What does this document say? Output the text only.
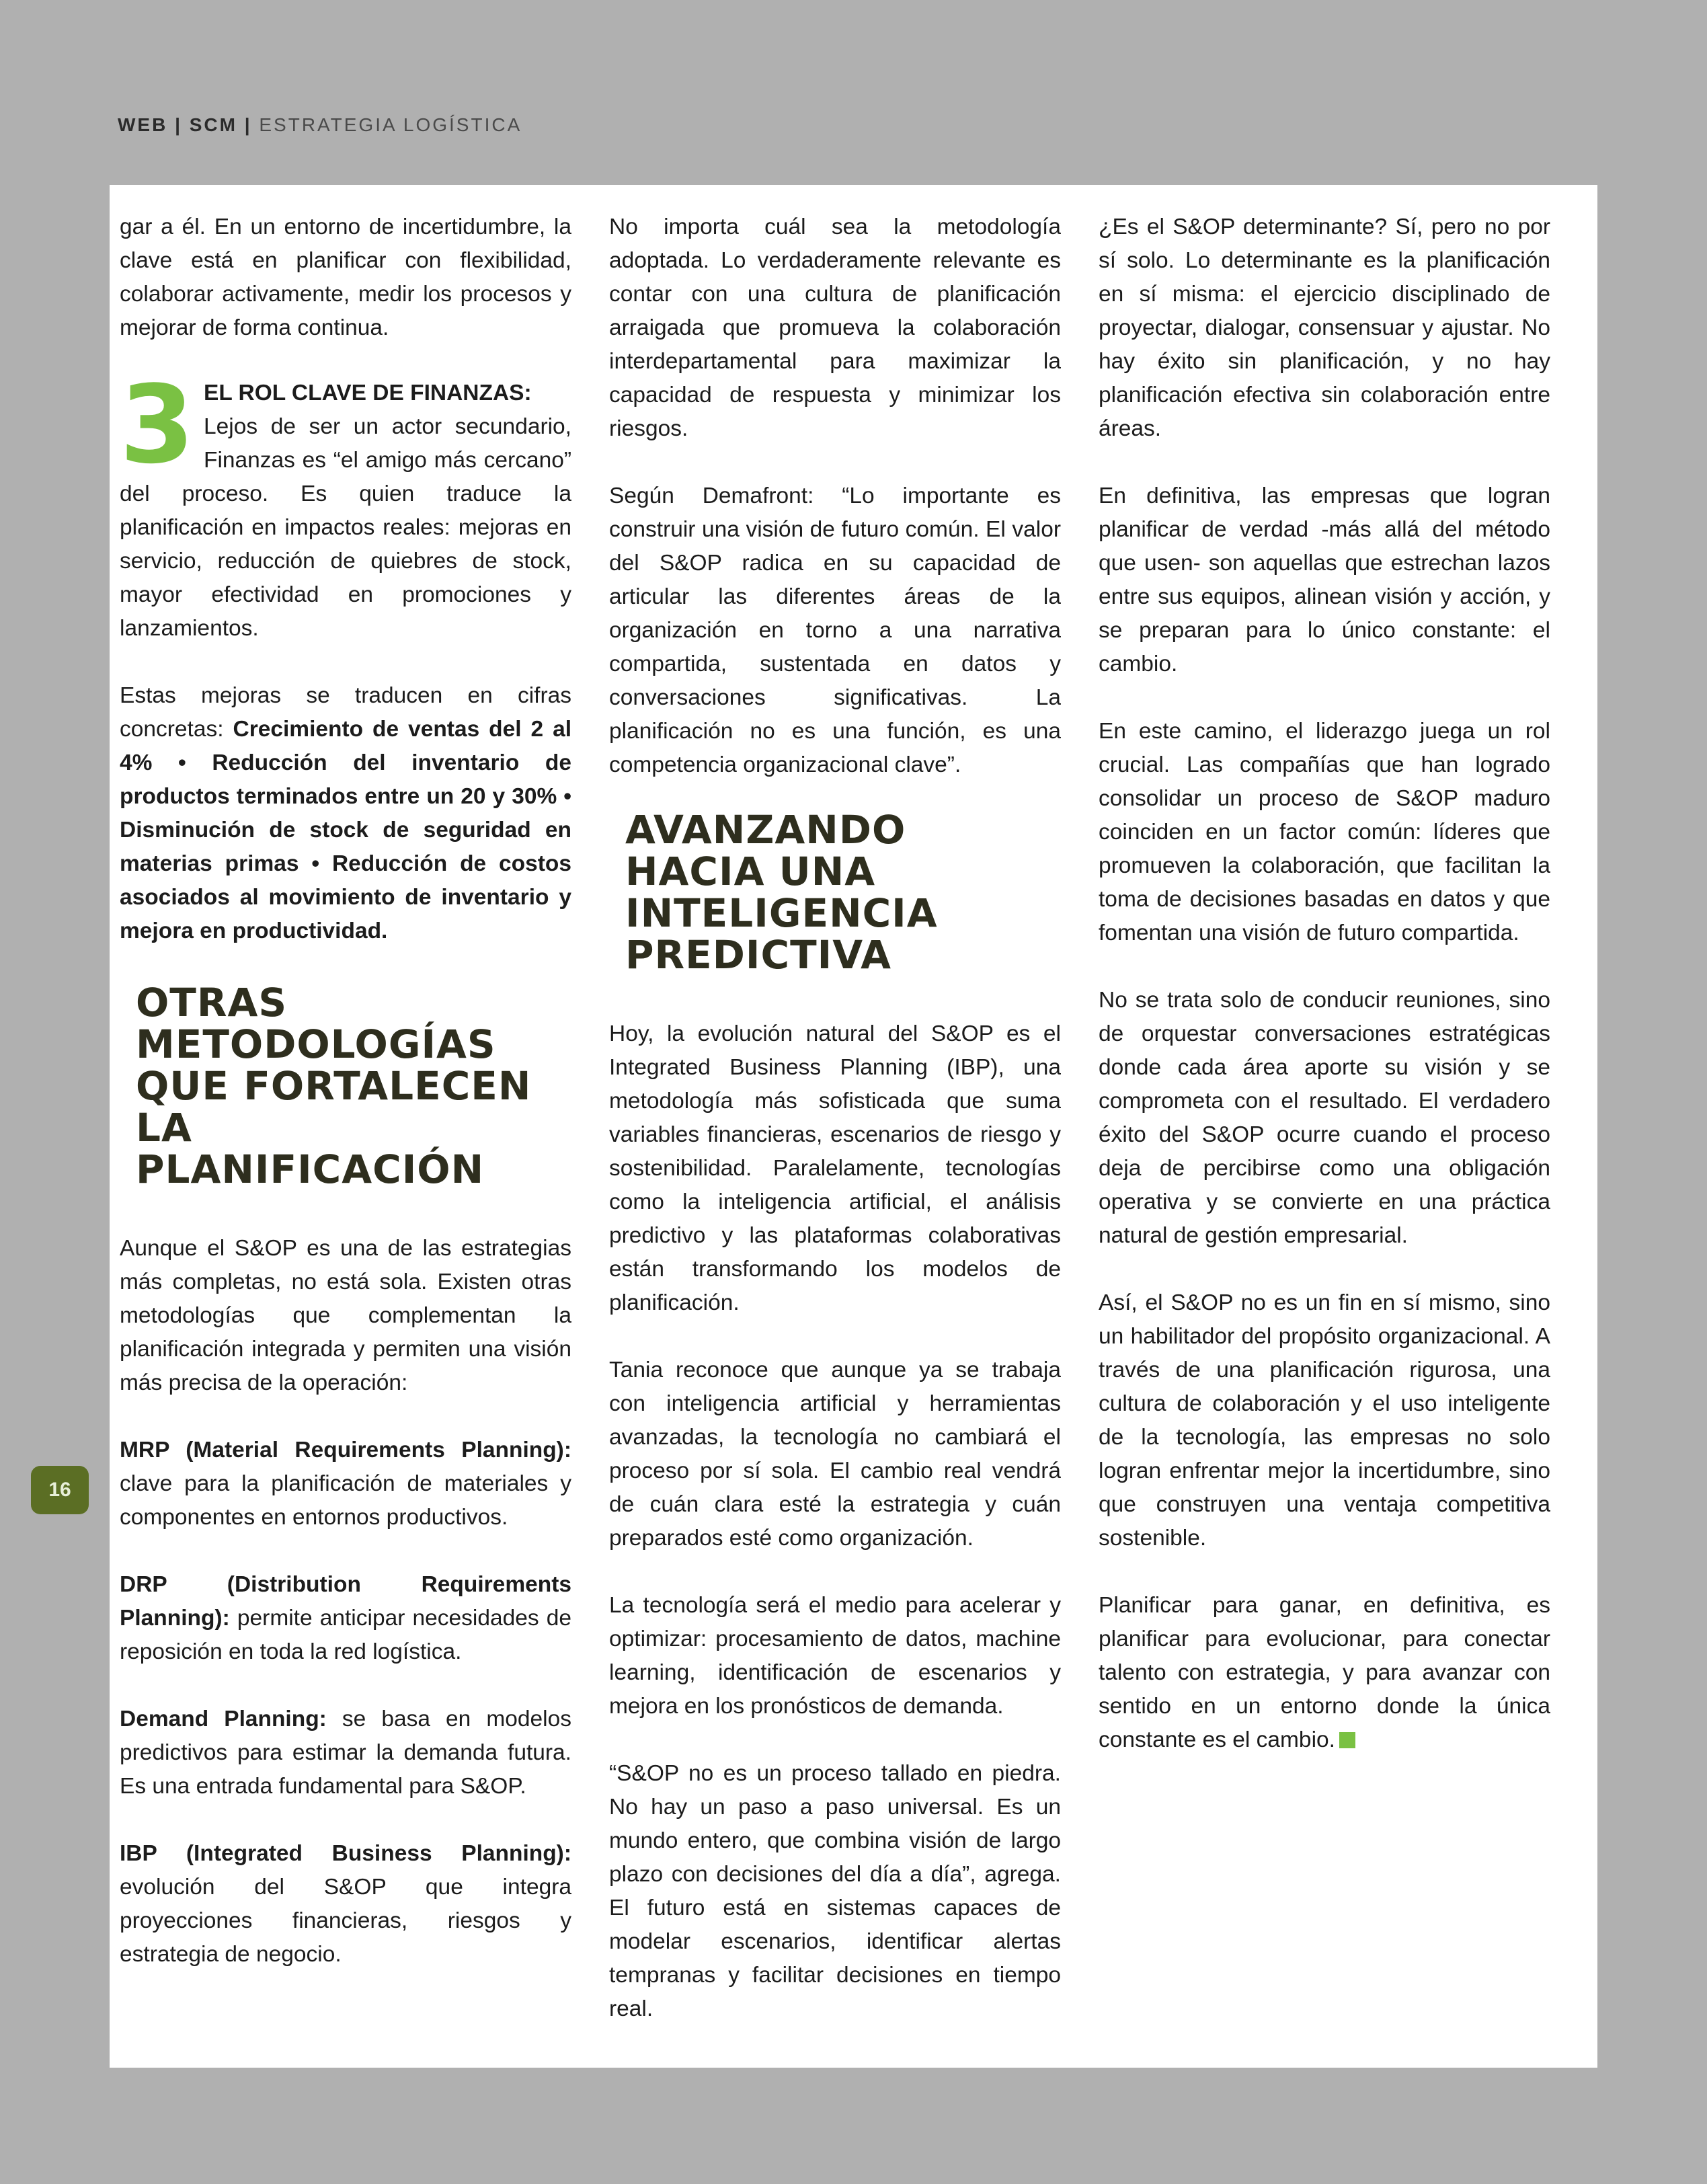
WEB | SCM | ESTRATEGIA LOGÍSTICA
16

gar a él. En un entorno de incertidumbre, la clave está en planificar con flexibilidad, colaborar activamente, medir los procesos y mejorar de forma continua.

3 EL ROL CLAVE DE FINANZAS:
Lejos de ser un actor secundario, Finanzas es “el amigo más cercano” del proceso. Es quien traduce la planificación en impactos reales: mejoras en servicio, reducción de quiebres de stock, mayor efectividad en promociones y lanzamientos.

Estas mejoras se traducen en cifras concretas: Crecimiento de ventas del 2 al 4% • Reducción del inventario de productos terminados entre un 20 y 30% • Disminución de stock de seguridad en materias primas • Reducción de costos asociados al movimiento de inventario y mejora en productividad.

OTRAS METODOLOGÍAS QUE FORTALECEN LA PLANIFICACIÓN

Aunque el S&OP es una de las estrategias más completas, no está sola. Existen otras metodologías que complementan la planificación integrada y permiten una visión más precisa de la operación:

MRP (Material Requirements Planning): clave para la planificación de materiales y componentes en entornos productivos.

DRP (Distribution Requirements Planning): permite anticipar necesidades de reposición en toda la red logística.

Demand Planning: se basa en modelos predictivos para estimar la demanda futura. Es una entrada fundamental para S&OP.

IBP (Integrated Business Planning): evolución del S&OP que integra proyecciones financieras, riesgos y estrategia de negocio.

No importa cuál sea la metodología adoptada. Lo verdaderamente relevante es contar con una cultura de planificación arraigada que promueva la colaboración interdepartamental para maximizar la capacidad de respuesta y minimizar los riesgos.

Según Demafront: “Lo importante es construir una visión de futuro común. El valor del S&OP radica en su capacidad de articular las diferentes áreas de la organización en torno a una narrativa compartida, sustentada en datos y conversaciones significativas. La planificación no es una función, es una competencia organizacional clave”.

AVANZANDO HACIA UNA INTELIGENCIA PREDICTIVA

Hoy, la evolución natural del S&OP es el Integrated Business Planning (IBP), una metodología más sofisticada que suma variables financieras, escenarios de riesgo y sostenibilidad. Paralelamente, tecnologías como la inteligencia artificial, el análisis predictivo y las plataformas colaborativas están transformando los modelos de planificación.

Tania reconoce que aunque ya se trabaja con inteligencia artificial y herramientas avanzadas, la tecnología no cambiará el proceso por sí sola. El cambio real vendrá de cuán clara esté la estrategia y cuán preparados esté como organización.

La tecnología será el medio para acelerar y optimizar: procesamiento de datos, machine learning, identificación de escenarios y mejora en los pronósticos de demanda.

“S&OP no es un proceso tallado en piedra. No hay un paso a paso universal. Es un mundo entero, que combina visión de largo plazo con decisiones del día a día”, agrega. El futuro está en sistemas capaces de modelar escenarios, identificar alertas tempranas y facilitar decisiones en tiempo real.

¿Es el S&OP determinante? Sí, pero no por sí solo. Lo determinante es la planificación en sí misma: el ejercicio disciplinado de proyectar, dialogar, consensuar y ajustar. No hay éxito sin planificación, y no hay planificación efectiva sin colaboración entre áreas.

En definitiva, las empresas que logran planificar de verdad -más allá del método que usen- son aquellas que estrechan lazos entre sus equipos, alinean visión y acción, y se preparan para lo único constante: el cambio.

En este camino, el liderazgo juega un rol crucial. Las compañías que han logrado consolidar un proceso de S&OP maduro coinciden en un factor común: líderes que promueven la colaboración, que facilitan la toma de decisiones basadas en datos y que fomentan una visión de futuro compartida.

No se trata solo de conducir reuniones, sino de orquestar conversaciones estratégicas donde cada área aporte su visión y se comprometa con el resultado. El verdadero éxito del S&OP ocurre cuando el proceso deja de percibirse como una obligación operativa y se convierte en una práctica natural de gestión empresarial.

Así, el S&OP no es un fin en sí mismo, sino un habilitador del propósito organizacional. A través de una planificación rigurosa, una cultura de colaboración y el uso inteligente de la tecnología, las empresas no solo logran enfrentar mejor la incertidumbre, sino que construyen una ventaja competitiva sostenible.

Planificar para ganar, en definitiva, es planificar para evolucionar, para conectar talento con estrategia, y para avanzar con sentido en un entorno donde la única constante es el cambio.
